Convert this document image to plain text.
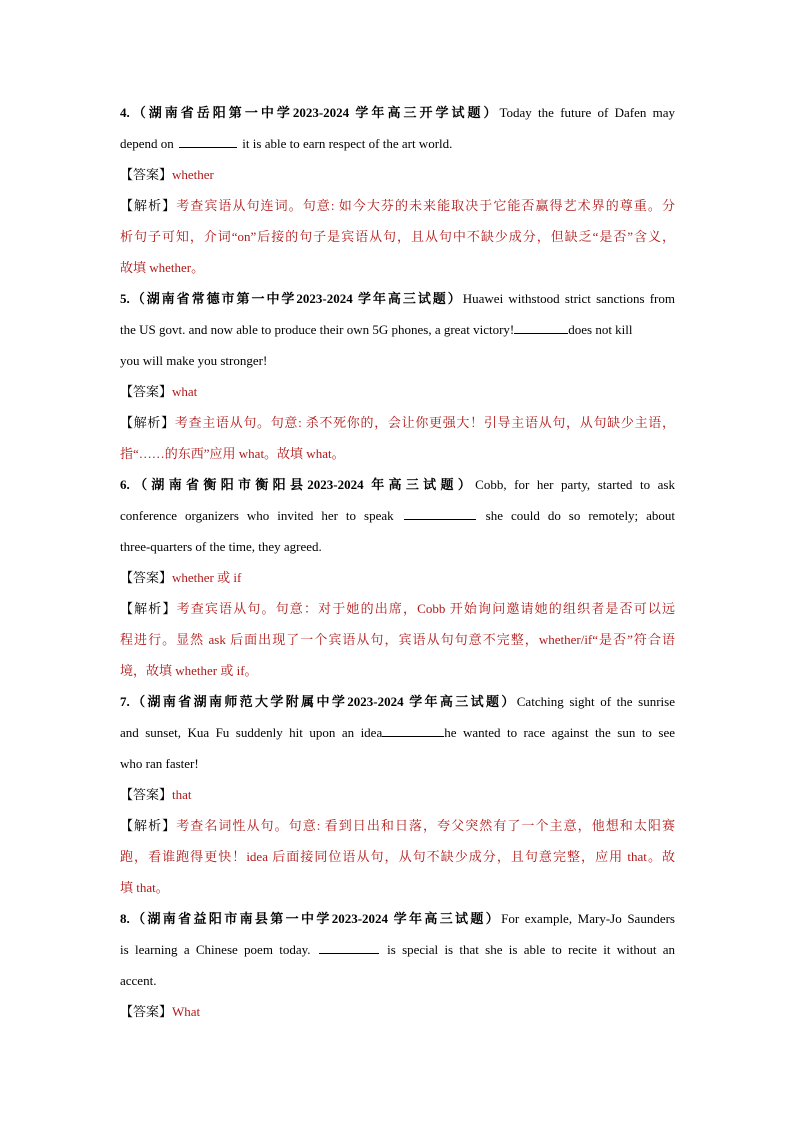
4.（湖南省岳阳第一中学2023-2024 学年高三开学试题）Today the future of Dafen may

depend on	it is able to earn respect of the art world.

【答案】whether

【解析】考查宾语从句连词。句意: 如今大芬的未来能取决于它能否赢得艺术界的尊重。分

析句子可知，介词“on”后接的句子是宾语从句，且从句中不缺少成分，但缺乏“是否”含义，

故填 whether。

5.（湖南省常德市第一中学2023-2024 学年高三试题）Huawei withstood strict sanctions from

the US govt. and now able to produce their own 5G phones, a great victory!	does not kill

you will make you stronger!

【答案】what

【解析】考查主语从句。句意: 杀不死你的，会让你更强大！引导主语从句，从句缺少主语，

指“……的东西”应用 what。故填 what。

6.（湖南省衡阳市衡阳县2023-2024 年高三试题）Cobb, for her party, started to ask

conference organizers who invited her to speak	she could do so remotely; about

three-quarters of the time, they agreed.

【答案】whether 或 if

【解析】考查宾语从句。句意：对于她的出席，Cobb 开始询问邀请她的组织者是否可以远

程进行。显然 ask 后面出现了一个宾语从句，宾语从句句意不完整，whether/if“是否”符合语

境，故填 whether 或 if。

7.（湖南省湖南师范大学附属中学2023-2024 学年高三试题）Catching sight of the sunrise

and sunset, Kua Fu suddenly hit upon an idea	he wanted to race against the sun to see

who ran faster!

【答案】that

【解析】考查名词性从句。句意: 看到日出和日落，夸父突然有了一个主意，他想和太阳赛

跑，看谁跑得更快！idea 后面接同位语从句，从句不缺少成分，且句意完整，应用 that。故

填 that。

8.（湖南省益阳市南县第一中学2023-2024 学年高三试题）For example, Mary-Jo Saunders

is learning a Chinese poem today.	is special is that she is able to recite it without an

accent.

【答案】What
